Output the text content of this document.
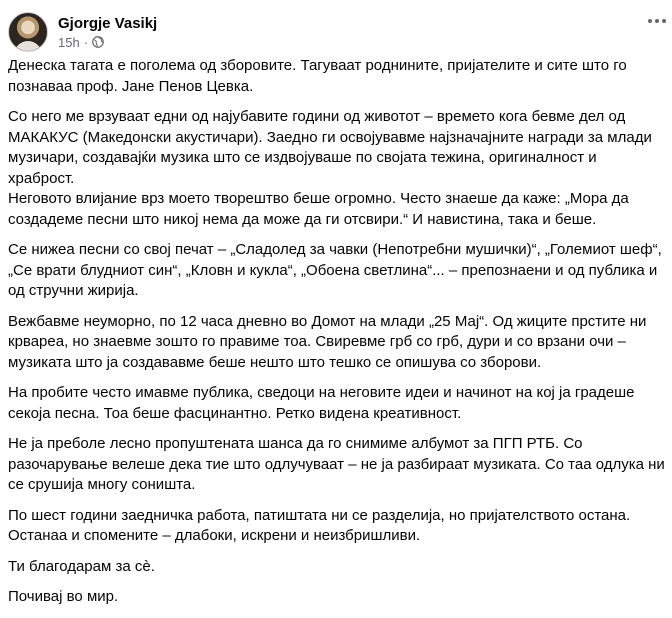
Gjorgje Vasikj
15h ·

Денеска тагата е поголема од зборовите. Тагуваат роднините, пријателите и сите што го
познаваа проф. Јане Пенов Цевка.

Со него ме врзуваат едни од најубавите години од животот – времето кога бевме дел од
МАКАКУС (Македонски акустичари). Заедно ги освојувавме најзначајните награди за млади
музичари, создавајќи музика што се издвојуваше по својата тежина, оригиналност и храброст.
Неговото влијание врз моето творештво беше огромно. Често знаеше да каже: „Мора да
создадеме песни што никој нема да може да ги отсвири.“ И навистина, така и беше.

Се нижеа песни со свој печат – „Сладолед за чавки (Непотребни мушички)“, „Големиот шеф“,
„Се врати блудниот син“, „Кловн и кукла“, „Обоена светлина“... – препознаени и од публика и
од стручни жирија.

Вежбавме неуморно, по 12 часа дневно во Домот на млади „25 Мај“. Од жиците прстите ни
крвареа, но знаевме зошто го правиме тоа. Свиревме грб со грб, дури и со врзани очи –
музиката што ја создававме беше нешто што тешко се опишува со зборови.

На пробите често имавме публика, сведоци на неговите идеи и начинот на кој ја градеше
секоја песна. Тоа беше фасцинантно. Ретко видена креативност.

Не ја преболе лесно пропуштената шанса да го снимиме албумот за ПГП РТБ. Со
разочарување велеше дека тие што одлучуваат – не ја разбираат музиката. Со таа одлука ни
се срушија многу соништа.

По шест години заедничка работа, патиштата ни се разделија, но пријателството остана.
Останаа и спомените – длабоки, искрени и неизбришливи.

Ти благодарам за сè.

Почивај во мир.
